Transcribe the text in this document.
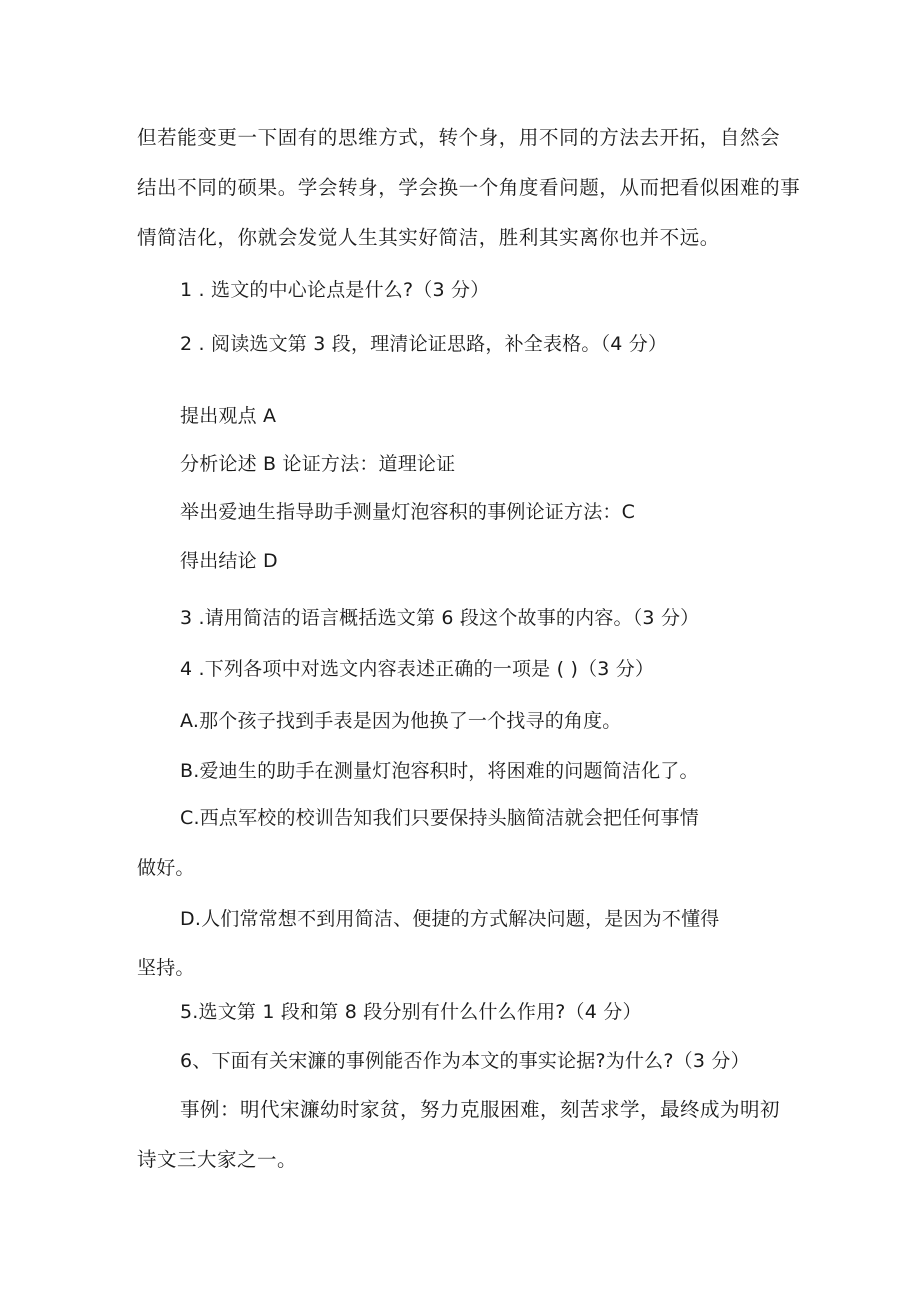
但若能变更一下固有的思维方式，转个身，用不同的方法去开拓，自然会
结出不同的硕果。学会转身，学会换一个角度看问题，从而把看似困难的事
情简洁化，你就会发觉人生其实好简洁，胜利其实离你也并不远。
1 . 选文的中心论点是什么?（3 分）
2 . 阅读选文第 3 段，理清论证思路，补全表格。（4 分）
提出观点 A
分析论述 B 论证方法：道理论证
举出爱迪生指导助手测量灯泡容积的事例论证方法：C
得出结论 D
3 .请用简洁的语言概括选文第 6 段这个故事的内容。（3 分）
4 .下列各项中对选文内容表述正确的一项是 ( )（3 分）
A.那个孩子找到手表是因为他换了一个找寻的角度。
B.爱迪生的助手在测量灯泡容积时，将困难的问题简洁化了。
C.西点军校的校训告知我们只要保持头脑简洁就会把任何事情
做好。
D.人们常常想不到用简洁、便捷的方式解决问题，是因为不懂得
坚持。
5.选文第 1 段和第 8 段分别有什么什么作用?（4 分）
6、下面有关宋濂的事例能否作为本文的事实论据?为什么?（3 分）
事例：明代宋濂幼时家贫，努力克服困难，刻苦求学，最终成为明初
诗文三大家之一。
